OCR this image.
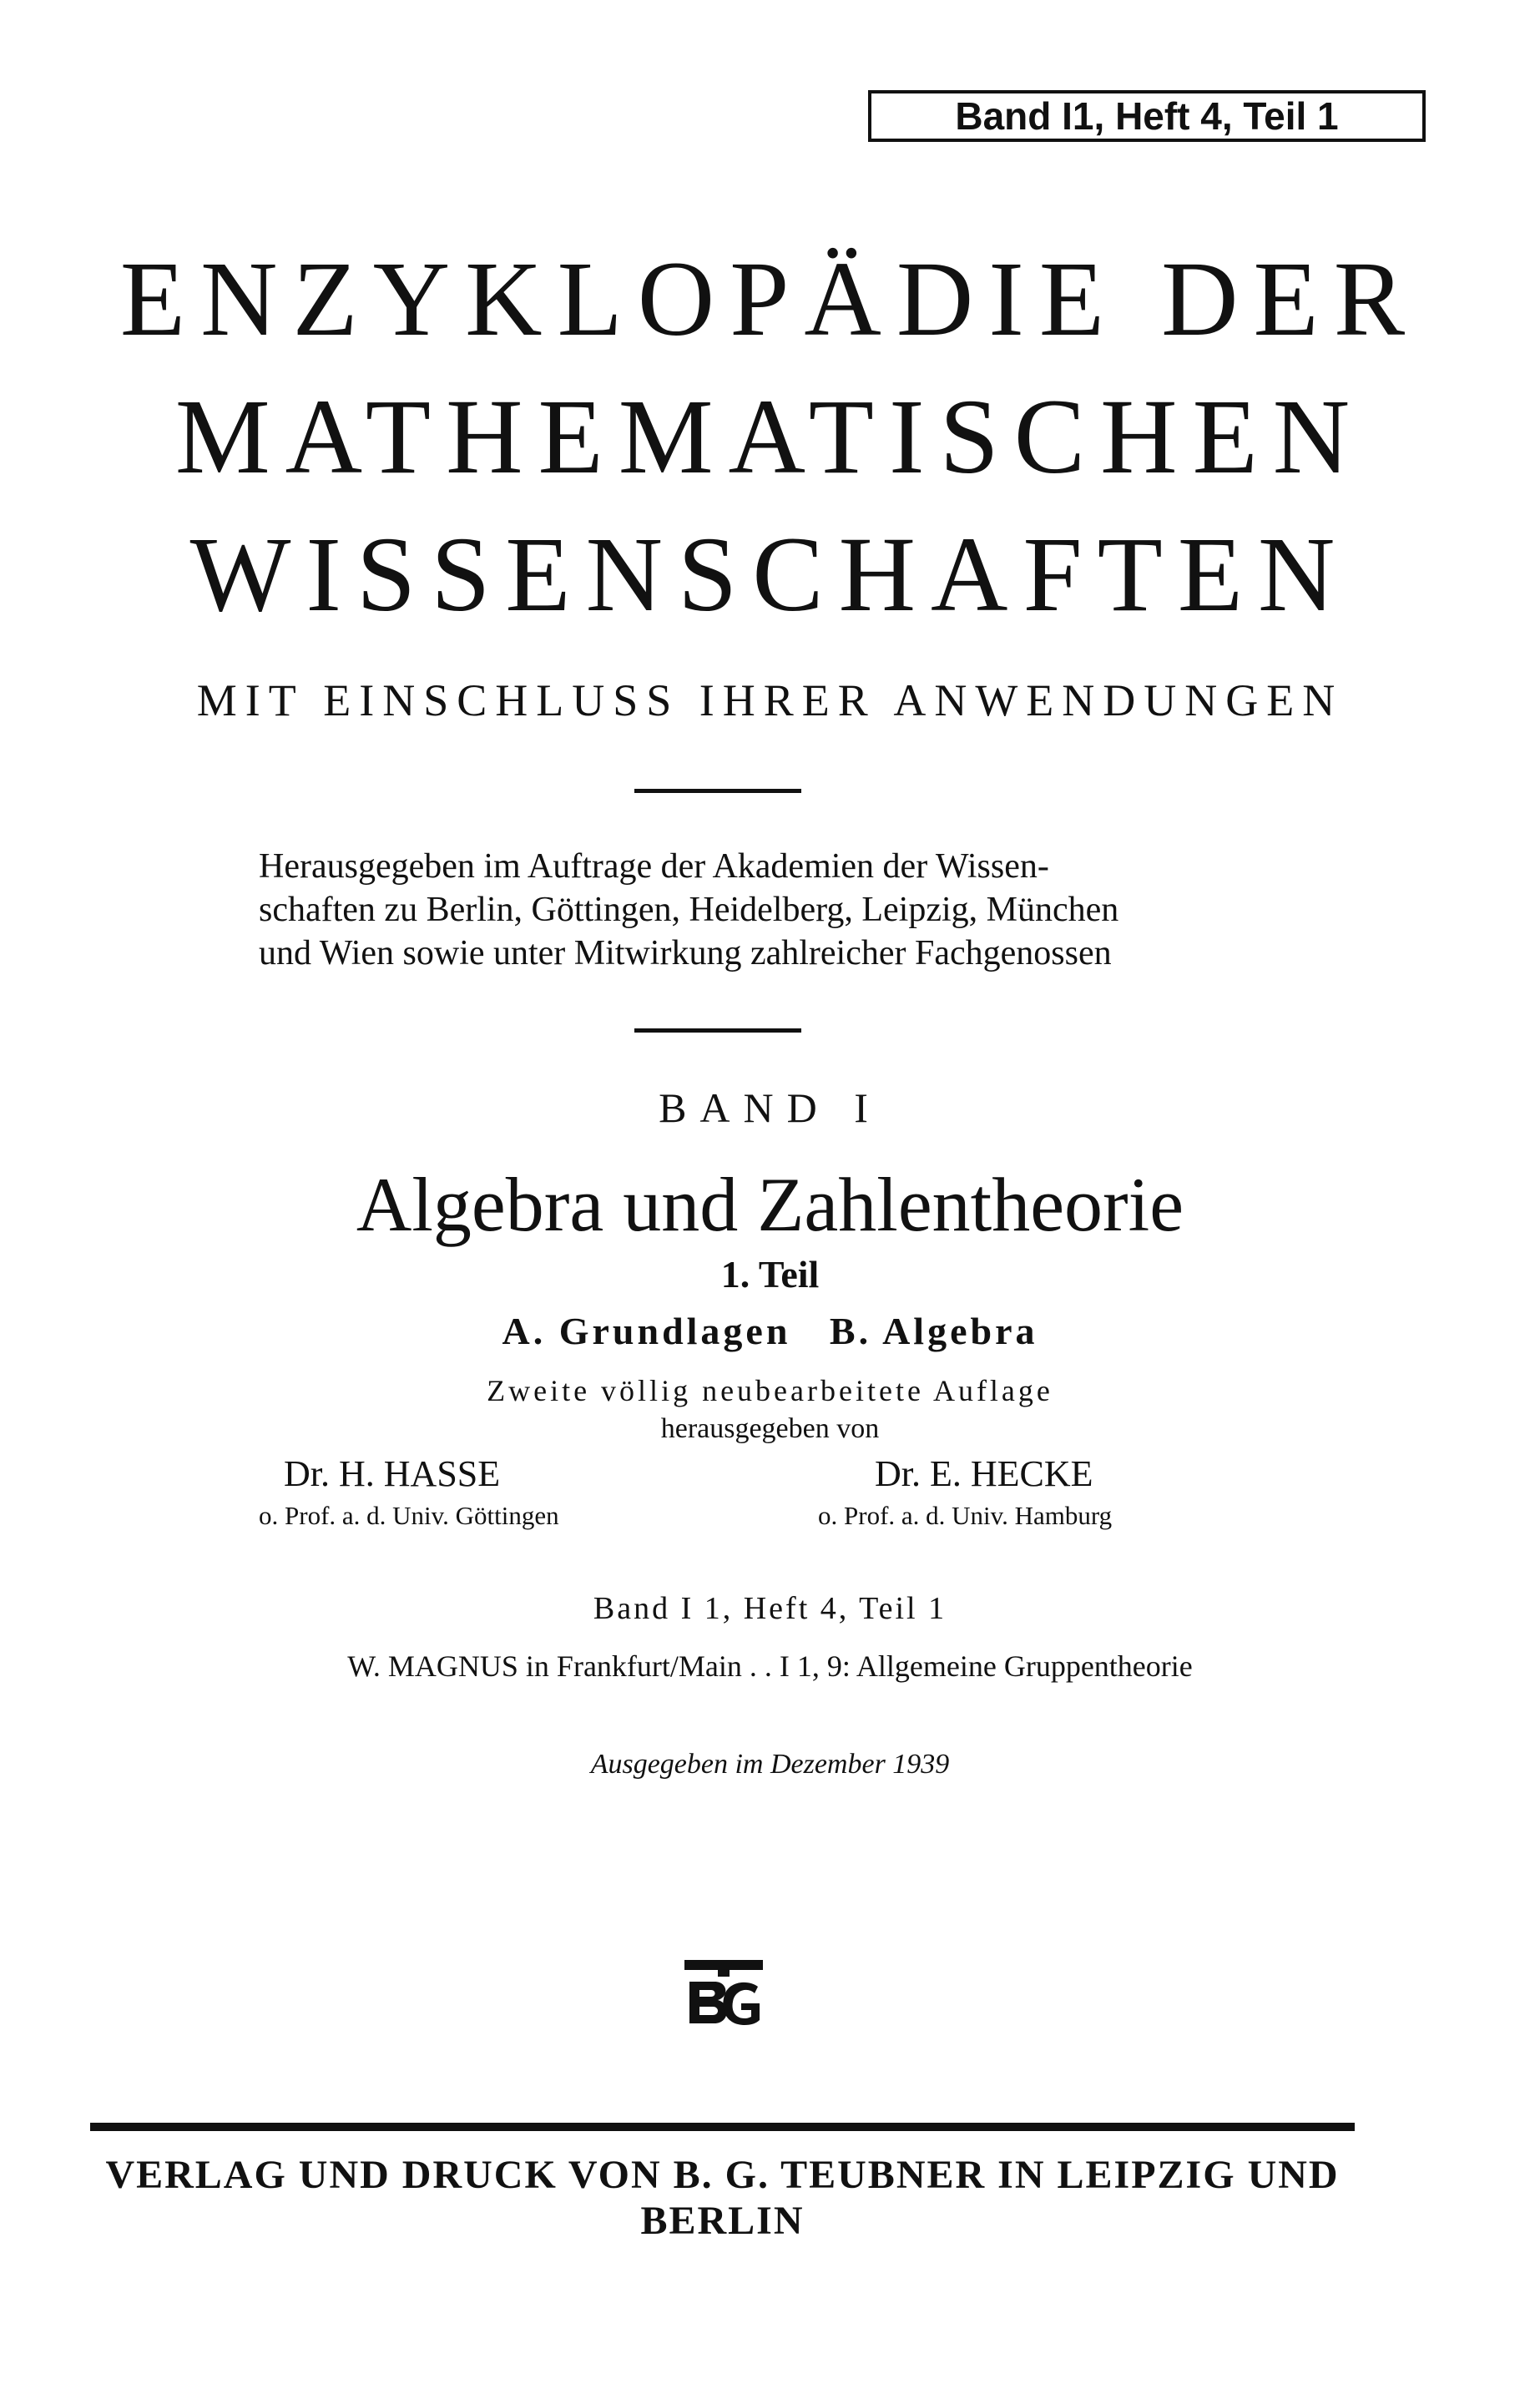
Band I1, Heft 4, Teil 1
ENZYKLOPÄDIE DER
MATHEMATISCHEN
WISSENSCHAFTEN
MIT EINSCHLUSS IHRER ANWENDUNGEN
Herausgegeben im Auftrage der Akademien der Wissen-
schaften zu Berlin, Göttingen, Heidelberg, Leipzig, München
und Wien sowie unter Mitwirkung zahlreicher Fachgenossen
BAND I
Algebra und Zahlentheorie
1. Teil
A. Grundlagen   B. Algebra
Zweite völlig neubearbeitete Auflage
herausgegeben von
Dr. H. HASSE
o. Prof. a. d. Univ. Göttingen
Dr. E. HECKE
o. Prof. a. d. Univ. Hamburg
Band I 1, Heft 4, Teil 1
W. MAGNUS in Frankfurt/Main . . I 1, 9: Allgemeine Gruppentheorie
Ausgegeben im Dezember 1939
VERLAG UND DRUCK VON B. G. TEUBNER IN LEIPZIG UND BERLIN
